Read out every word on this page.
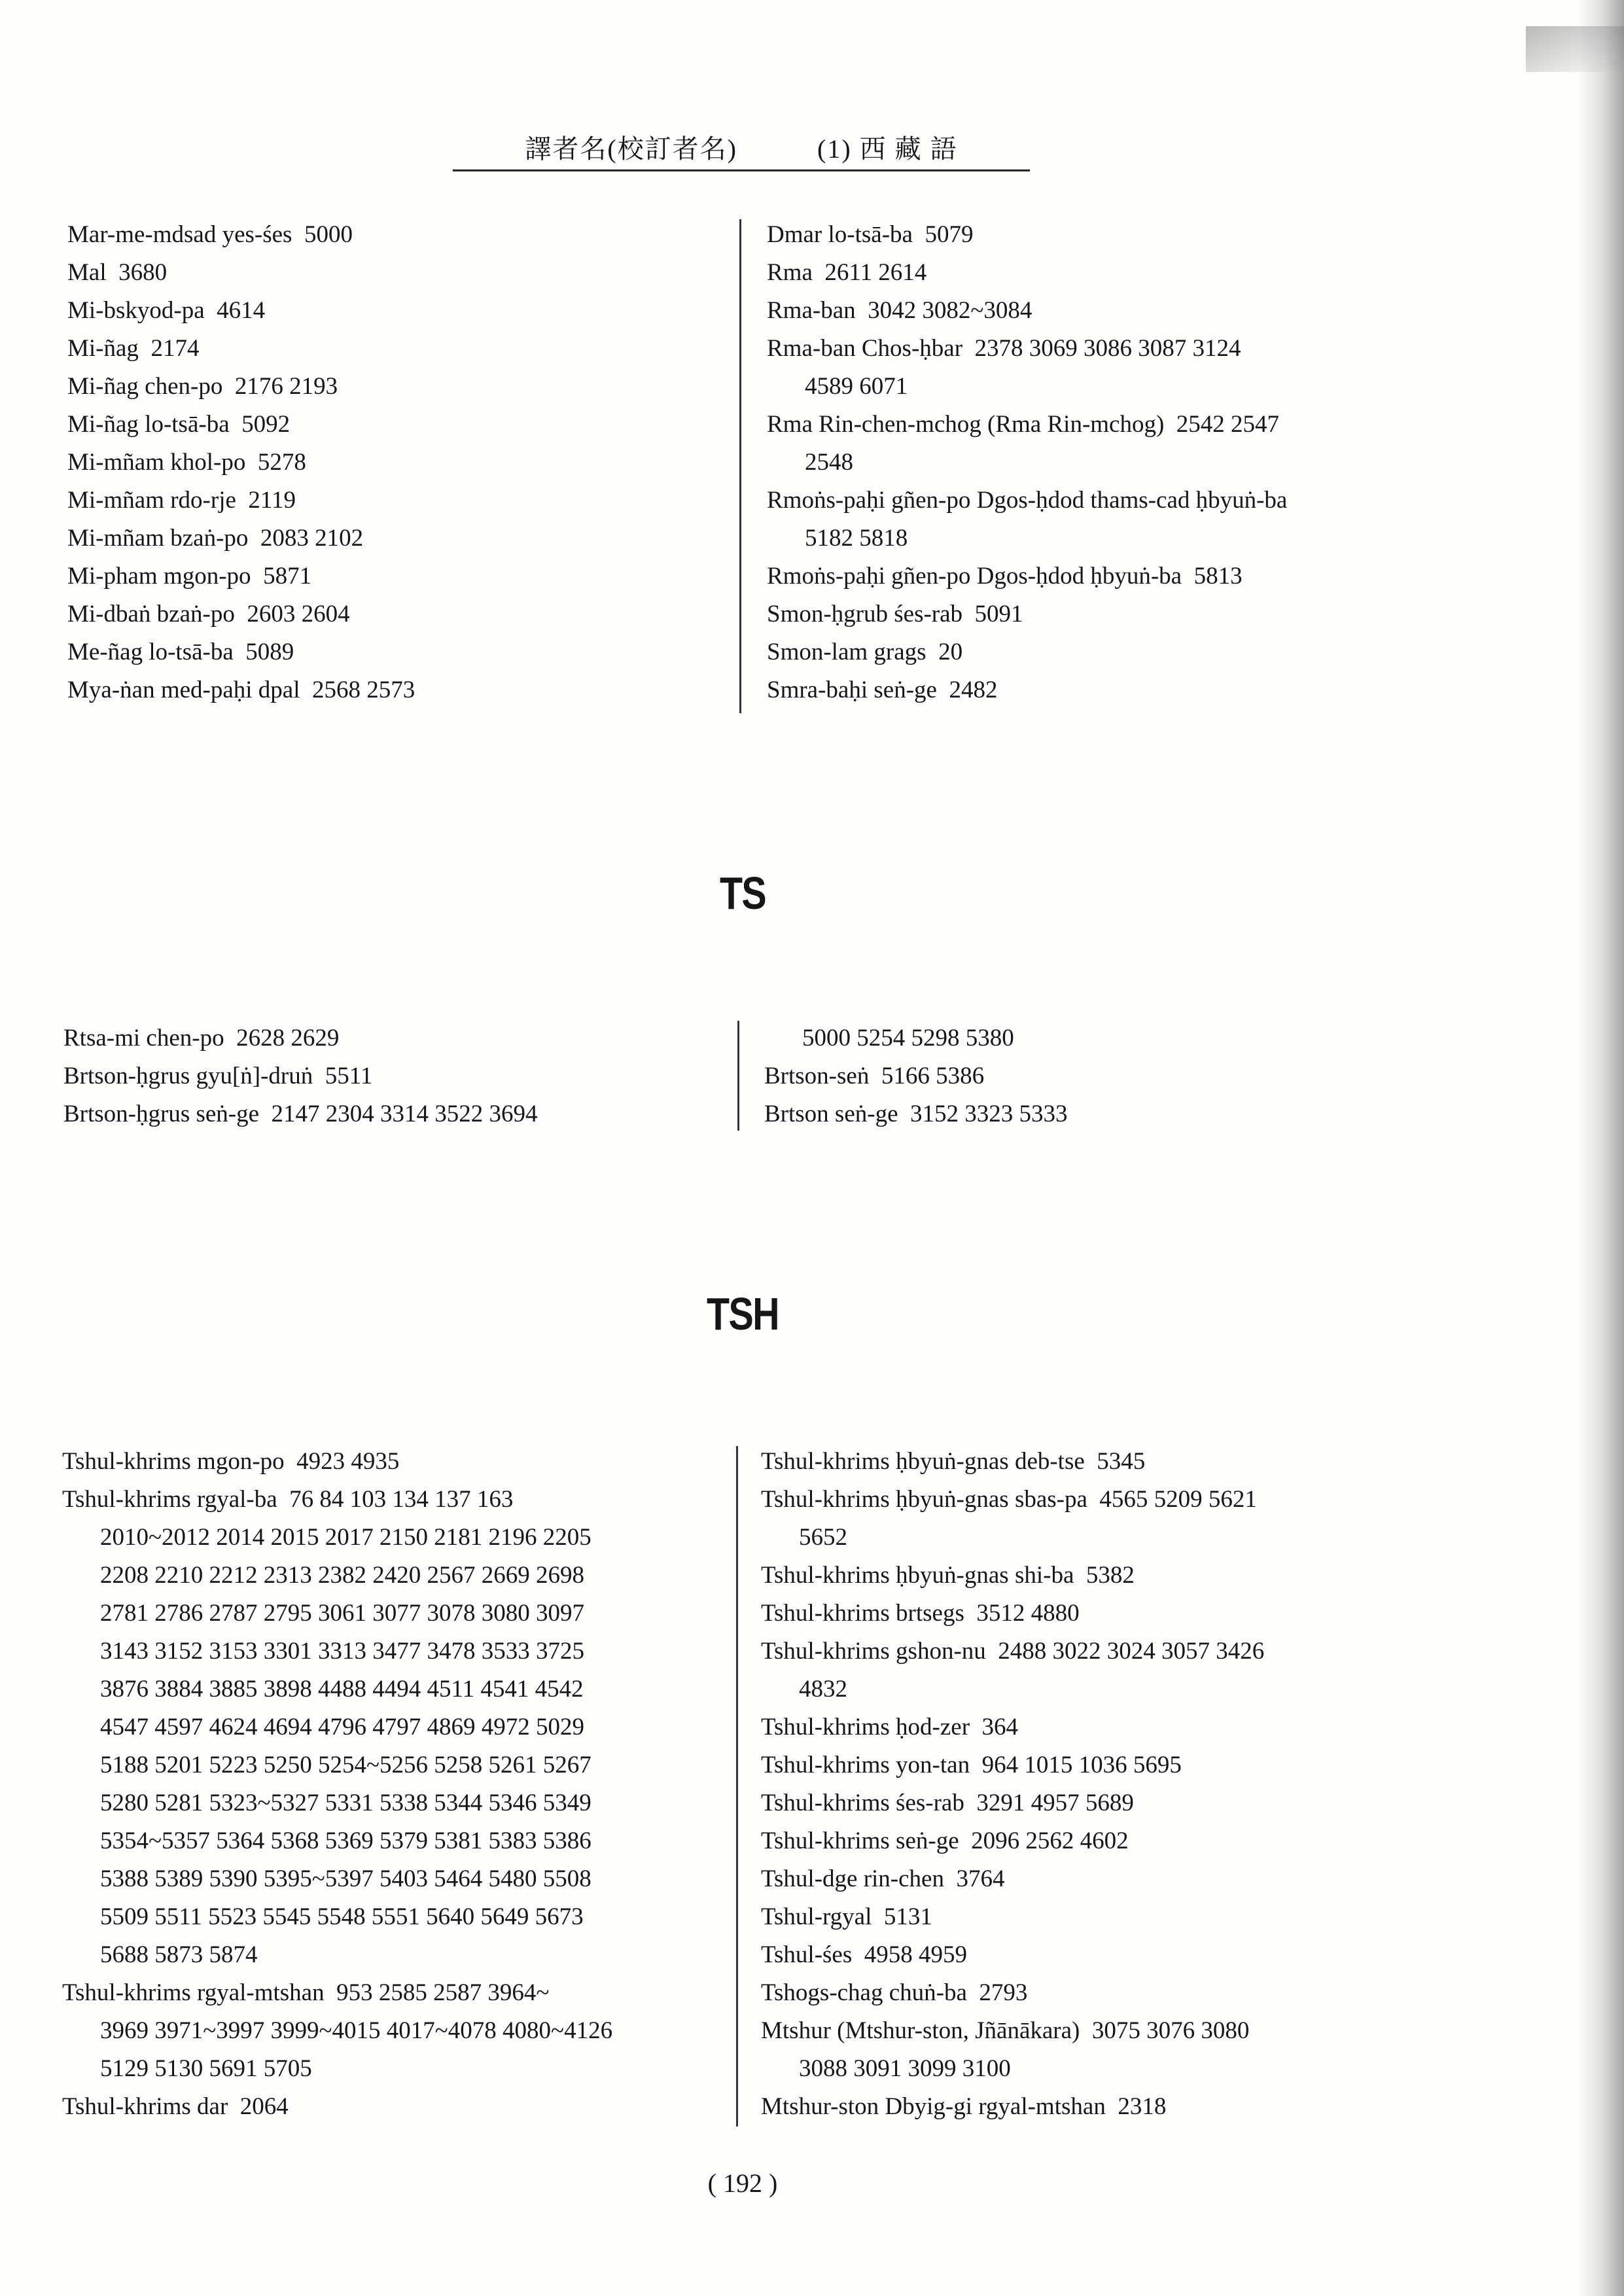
譯者名(校訂者名)	(1) 西 藏 語
Mar-me-mdsad yes-śes  5000
Mal  3680
Mi-bskyod-pa  4614
Mi-ñag  2174
Mi-ñag chen-po  2176 2193
Mi-ñag lo-tsā-ba  5092
Mi-mñam khol-po  5278
Mi-mñam rdo-rje  2119
Mi-mñam bzaṅ-po  2083 2102
Mi-pham mgon-po  5871
Mi-dbaṅ bzaṅ-po  2603 2604
Me-ñag lo-tsā-ba  5089
Mya-ṅan med-paḥi dpal  2568 2573
Dmar lo-tsā-ba  5079
Rma  2611 2614
Rma-ban  3042 3082~3084
Rma-ban Chos-ḥbar  2378 3069 3086 3087 3124
4589 6071
Rma Rin-chen-mchog (Rma Rin-mchog)  2542 2547
2548
Rmoṅs-paḥi gñen-po Dgos-ḥdod thams-cad ḥbyuṅ-ba 
5182 5818
Rmoṅs-paḥi gñen-po Dgos-ḥdod ḥbyuṅ-ba  5813
Smon-ḥgrub śes-rab  5091
Smon-lam grags  20
Smra-baḥi seṅ-ge  2482
TS
Rtsa-mi chen-po  2628 2629
Brtson-ḥgrus gyu[ṅ]-druṅ  5511
Brtson-ḥgrus seṅ-ge  2147 2304 3314 3522 3694
5000 5254 5298 5380
Brtson-seṅ  5166 5386
Brtson seṅ-ge  3152 3323 5333
TSH
Tshul-khrims mgon-po  4923 4935
Tshul-khrims rgyal-ba  76 84 103 134 137 163
2010~2012 2014 2015 2017 2150 2181 2196 2205
2208 2210 2212 2313 2382 2420 2567 2669 2698
2781 2786 2787 2795 3061 3077 3078 3080 3097
3143 3152 3153 3301 3313 3477 3478 3533 3725
3876 3884 3885 3898 4488 4494 4511 4541 4542
4547 4597 4624 4694 4796 4797 4869 4972 5029
5188 5201 5223 5250 5254~5256 5258 5261 5267
5280 5281 5323~5327 5331 5338 5344 5346 5349
5354~5357 5364 5368 5369 5379 5381 5383 5386
5388 5389 5390 5395~5397 5403 5464 5480 5508
5509 5511 5523 5545 5548 5551 5640 5649 5673
5688 5873 5874
Tshul-khrims rgyal-mtshan  953 2585 2587 3964~
3969 3971~3997 3999~4015 4017~4078 4080~4126
5129 5130 5691 5705
Tshul-khrims dar  2064
Tshul-khrims ḥbyuṅ-gnas deb-tse  5345
Tshul-khrims ḥbyuṅ-gnas sbas-pa  4565 5209 5621
5652
Tshul-khrims ḥbyuṅ-gnas shi-ba  5382
Tshul-khrims brtsegs  3512 4880
Tshul-khrims gshon-nu  2488 3022 3024 3057 3426
4832
Tshul-khrims ḥod-zer  364
Tshul-khrims yon-tan  964 1015 1036 5695
Tshul-khrims śes-rab  3291 4957 5689
Tshul-khrims seṅ-ge  2096 2562 4602
Tshul-dge rin-chen  3764
Tshul-rgyal  5131
Tshul-śes  4958 4959
Tshogs-chag chuṅ-ba  2793
Mtshur (Mtshur-ston, Jñānākara)  3075 3076 3080
3088 3091 3099 3100
Mtshur-ston Dbyig-gi rgyal-mtshan  2318
( 192 )
